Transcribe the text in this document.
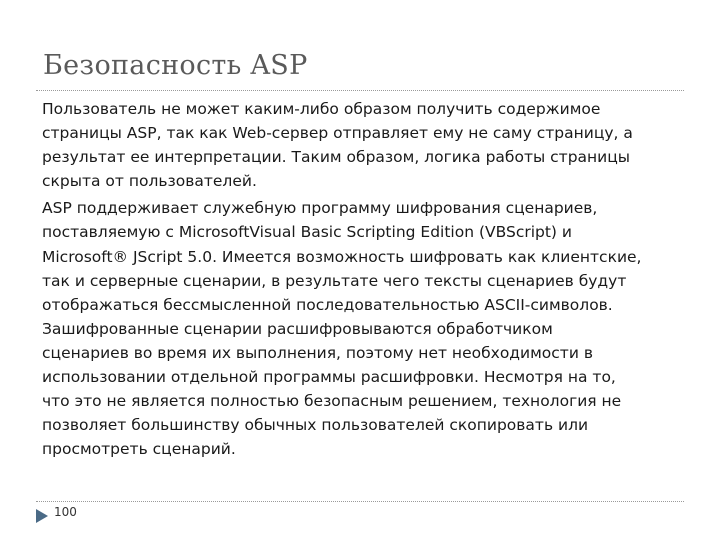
Безопасность ASP

Пользователь не может каким-либо образом получить содержимое
страницы ASP, так как Web-сервер отправляет ему не саму страницу, а
результат ее интерпретации. Таким образом, логика работы страницы
скрыта от пользователей.

ASP поддерживает служебную программу шифрования сценариев,
поставляемую с MicrosoftVisual Basic Scripting Edition (VBScript) и
Microsoft® JScript 5.0. Имеется возможность шифровать как клиентские,
так и серверные сценарии, в результате чего тексты сценариев будут
отображаться бессмысленной последовательностью ASCII-символов.
Зашифрованные сценарии расшифровываются обработчиком
сценариев во время их выполнения, поэтому нет необходимости в
использовании отдельной программы расшифровки. Несмотря на то,
что это не является полностью безопасным решением, технология не
позволяет большинству обычных пользователей скопировать или
просмотреть сценарий.

100
